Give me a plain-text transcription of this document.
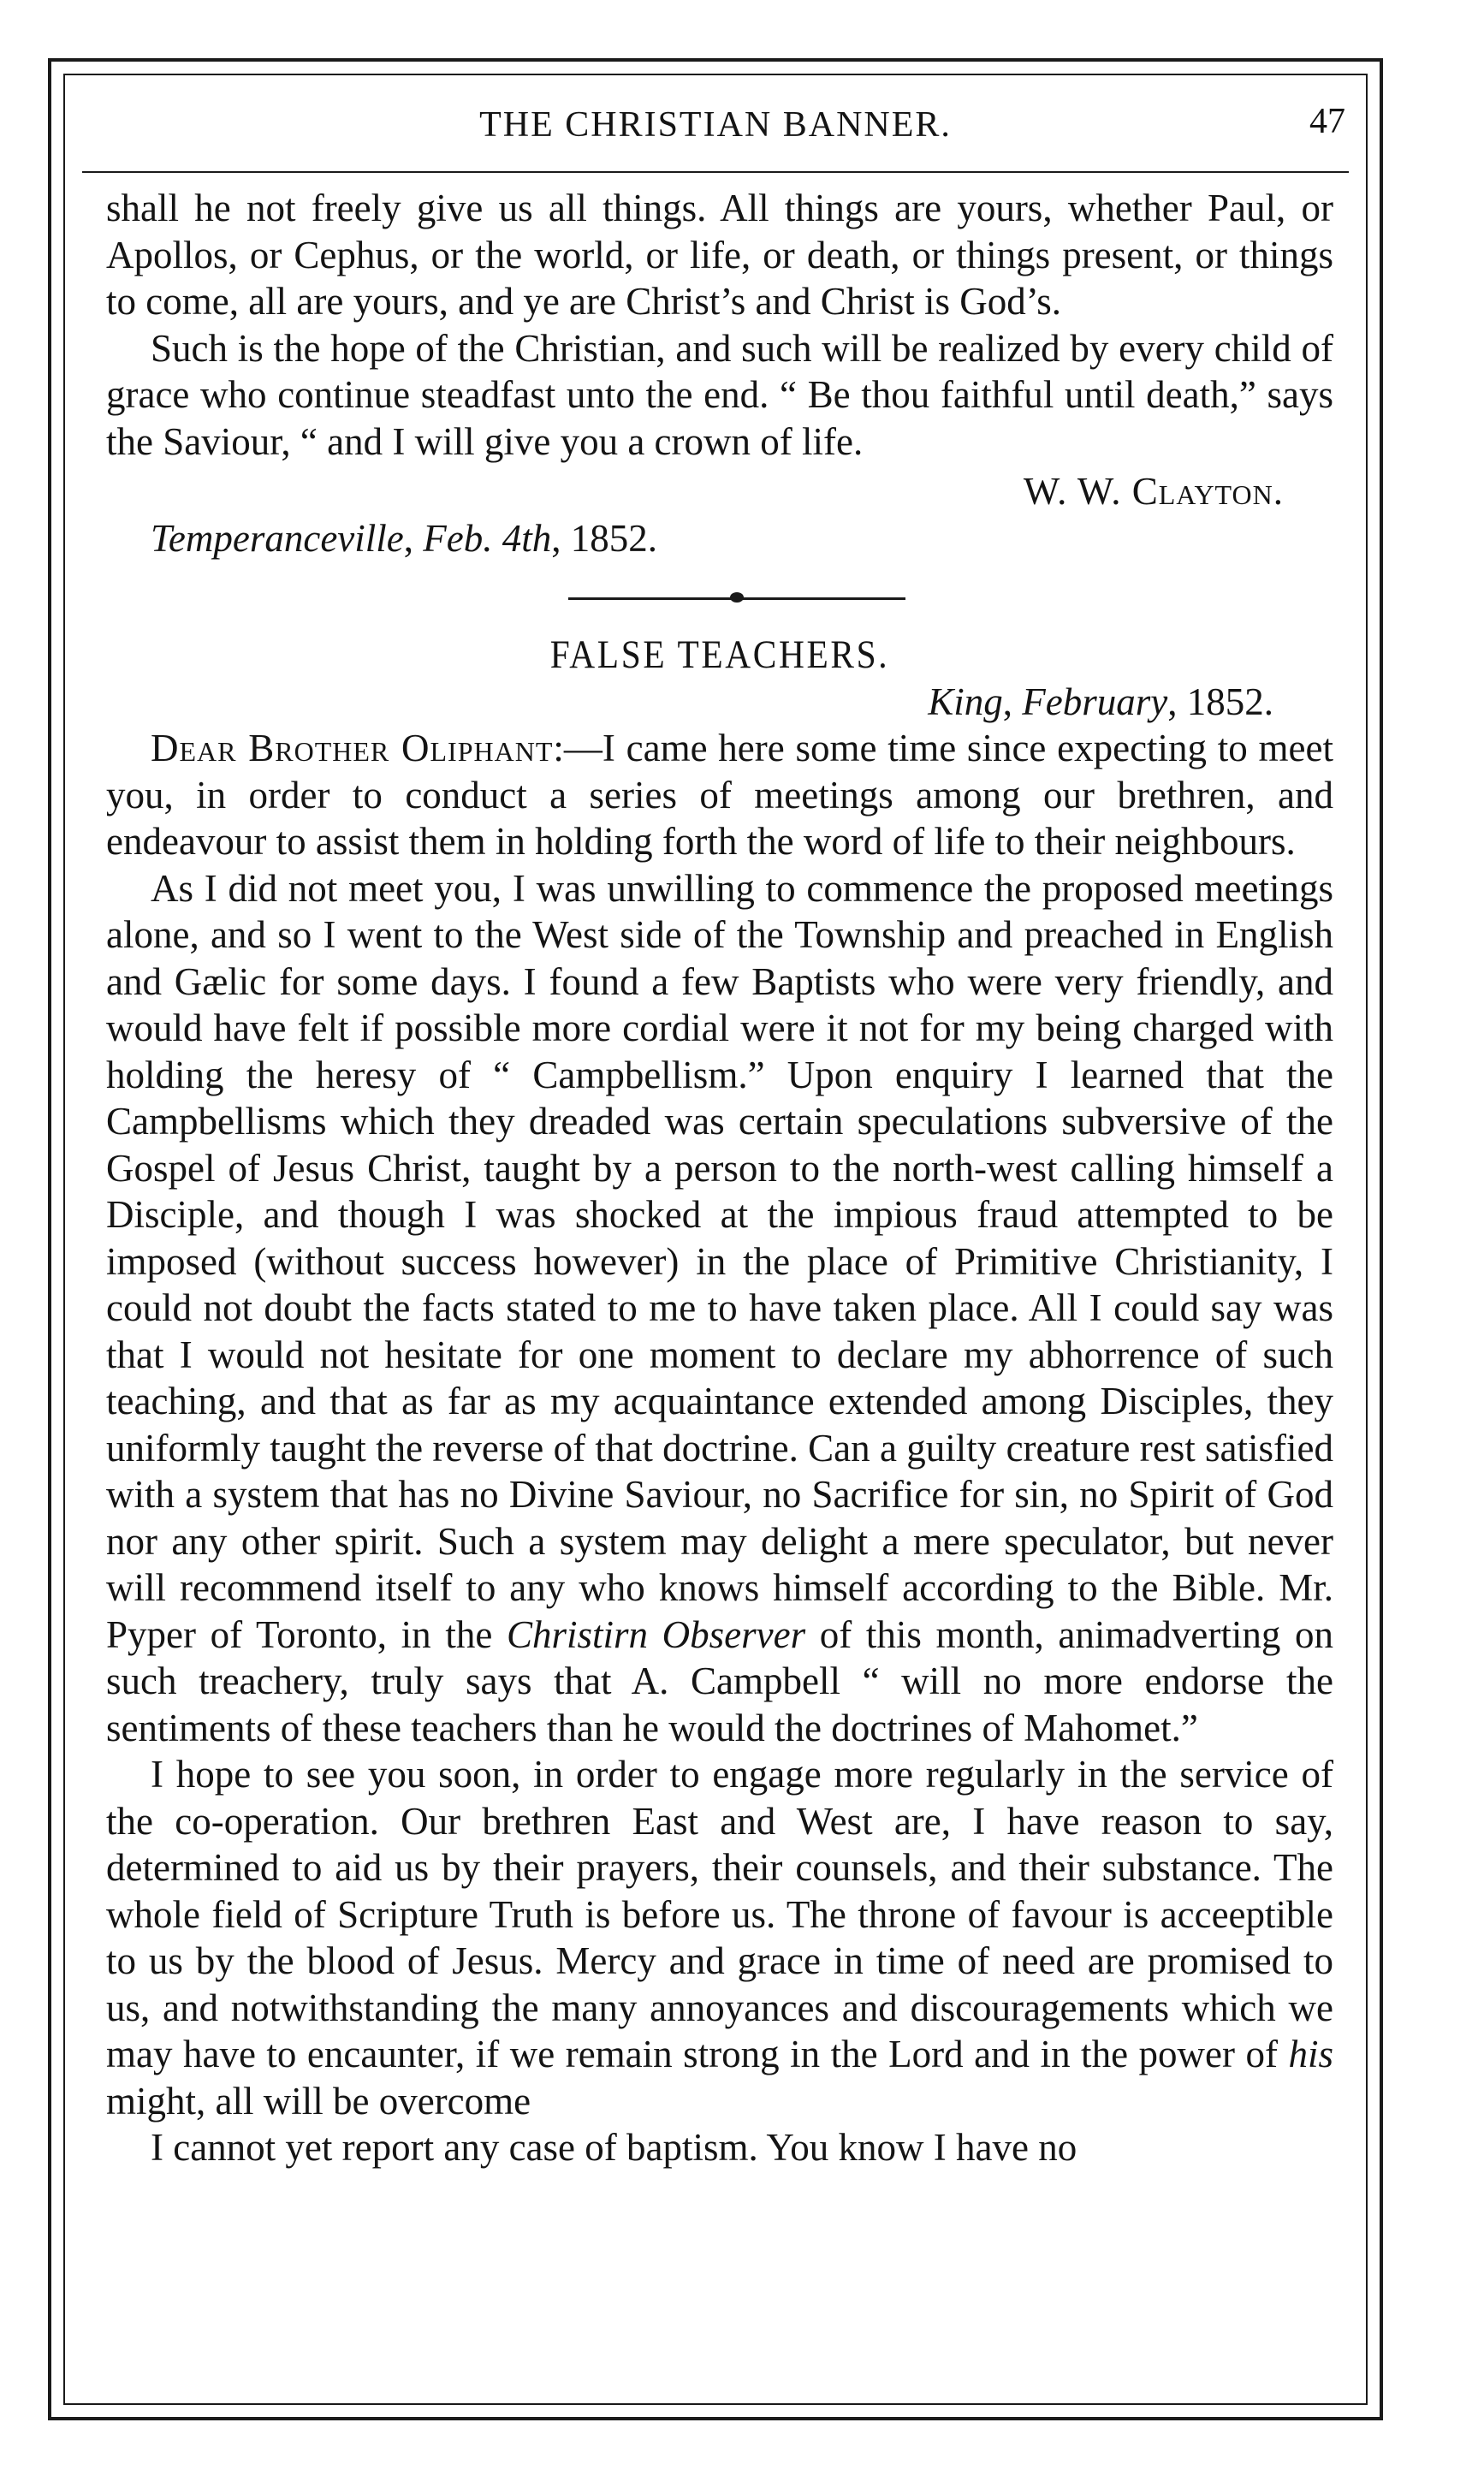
THE CHRISTIAN BANNER.	47

shall he not freely give us all things. All things are yours, whether Paul, or Apollos, or Cephus, or the world, or life, or death, or things present, or things to come, all are yours, and ye are Christ’s and Christ is God’s.

Such is the hope of the Christian, and such will be realized by every child of grace who continue steadfast unto the end. “ Be thou faithful until death,” says the Saviour, “ and I will give you a crown of life.

W. W. Clayton.
Temperanceville, Feb. 4th, 1852.
FALSE TEACHERS.
King, February, 1852.

Dear Brother Oliphant:—I came here some time since expecting to meet you, in order to conduct a series of meetings among our brethren, and endeavour to assist them in holding forth the word of life to their neighbours.

As I did not meet you, I was unwilling to commence the proposed meetings alone, and so I went to the West side of the Township and preached in English and Gælic for some days. I found a few Baptists who were very friendly, and would have felt if possible more cordial were it not for my being charged with holding the heresy of “ Campbellism.” Upon enquiry I learned that the Campbellisms which they dreaded was certain speculations subversive of the Gospel of Jesus Christ, taught by a person to the north-west calling himself a Disciple, and though I was shocked at the impious fraud attempted to be imposed (without success however) in the place of Primitive Christianity, I could not doubt the facts stated to me to have taken place. All I could say was that I would not hesitate for one moment to declare my abhorrence of such teaching, and that as far as my acquaintance extended among Disciples, they uniformly taught the reverse of that doctrine. Can a guilty creature rest satisfied with a system that has no Divine Saviour, no Sacrifice for sin, no Spirit of God nor any other spirit. Such a system may delight a mere speculator, but never will recommend itself to any who knows himself according to the Bible. Mr. Pyper of Toronto, in the Christirn Observer of this month, animadverting on such treachery, truly says that A. Campbell “ will no more endorse the sentiments of these teachers than he would the doctrines of Mahomet.”

I hope to see you soon, in order to engage more regularly in the service of the co-operation. Our brethren East and West are, I have reason to say, determined to aid us by their prayers, their counsels, and their substance. The whole field of Scripture Truth is before us. The throne of favour is acceeptible to us by the blood of Jesus. Mercy and grace in time of need are promised to us, and notwithstanding the many annoyances and discouragements which we may have to encaunter, if we remain strong in the Lord and in the power of his might, all will be overcome

I cannot yet report any case of baptism. You know I have no
